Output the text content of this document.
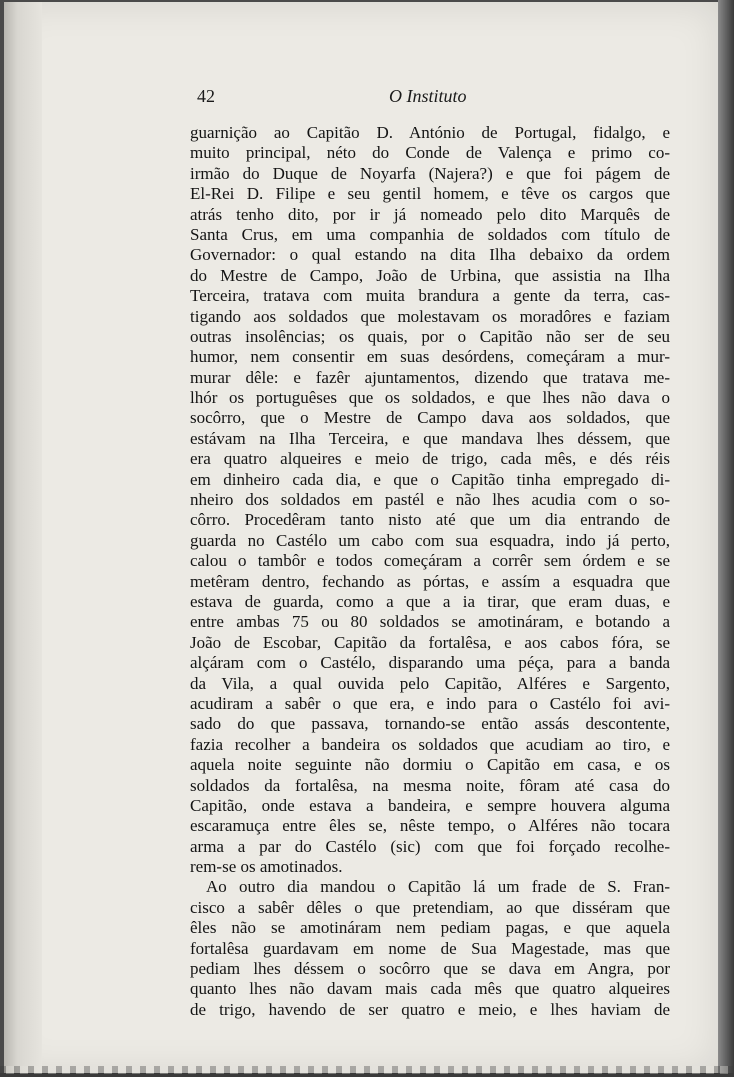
42	O Instituto
guarnição ao Capitão D. António de Portugal, fidalgo, e
muito principal, néto do Conde de Valença e primo co-
irmão do Duque de Noyarfa (Najera?) e que foi págem de
El-Rei D. Filipe e seu gentil homem, e têve os cargos que
atrás tenho dito, por ir já nomeado pelo dito Marquês de
Santa Crus, em uma companhia de soldados com título de
Governador: o qual estando na dita Ilha debaixo da ordem
do Mestre de Campo, João de Urbina, que assistia na Ilha
Terceira, tratava com muita brandura a gente da terra, cas-
tigando aos soldados que molestavam os moradôres e faziam
outras insolências; os quais, por o Capitão não ser de seu
humor, nem consentir em suas desórdens, começáram a mur-
murar dêle: e fazêr ajuntamentos, dizendo que tratava me-
lhór os portuguêses que os soldados, e que lhes não dava o
socôrro, que o Mestre de Campo dava aos soldados, que
estávam na Ilha Terceira, e que mandava lhes déssem, que
era quatro alqueires e meio de trigo, cada mês, e dés réis
em dinheiro cada dia, e que o Capitão tinha empregado di-
nheiro dos soldados em pastél e não lhes acudia com o so-
côrro. Procedêram tanto nisto até que um dia entrando de
guarda no Castélo um cabo com sua esquadra, indo já perto,
calou o tambôr e todos começáram a corrêr sem órdem e se
metêram dentro, fechando as pórtas, e assím a esquadra que
estava de guarda, como a que a ia tirar, que eram duas, e
entre ambas 75 ou 80 soldados se amotináram, e botando a
João de Escobar, Capitão da fortalêsa, e aos cabos fóra, se
alçáram com o Castélo, disparando uma péça, para a banda
da Vila, a qual ouvida pelo Capitão, Alféres e Sargento,
acudiram a sabêr o que era, e indo para o Castélo foi avi-
sado do que passava, tornando-se então assás descontente,
fazia recolher a bandeira os soldados que acudiam ao tiro, e
aquela noite seguinte não dormiu o Capitão em casa, e os
soldados da fortalêsa, na mesma noite, fôram até casa do
Capitão, onde estava a bandeira, e sempre houvera alguma
escaramuça entre êles se, nêste tempo, o Alféres não tocara
arma a par do Castélo (sic) com que foi forçado recolhe-
rem-se os amotinados.
Ao outro dia mandou o Capitão lá um frade de S. Fran-
cisco a sabêr dêles o que pretendiam, ao que disséram que
êles não se amotináram nem pediam pagas, e que aquela
fortalêsa guardavam em nome de Sua Magestade, mas que
pediam lhes déssem o socôrro que se dava em Angra, por
quanto lhes não davam mais cada mês que quatro alqueires
de trigo, havendo de ser quatro e meio, e lhes haviam de
